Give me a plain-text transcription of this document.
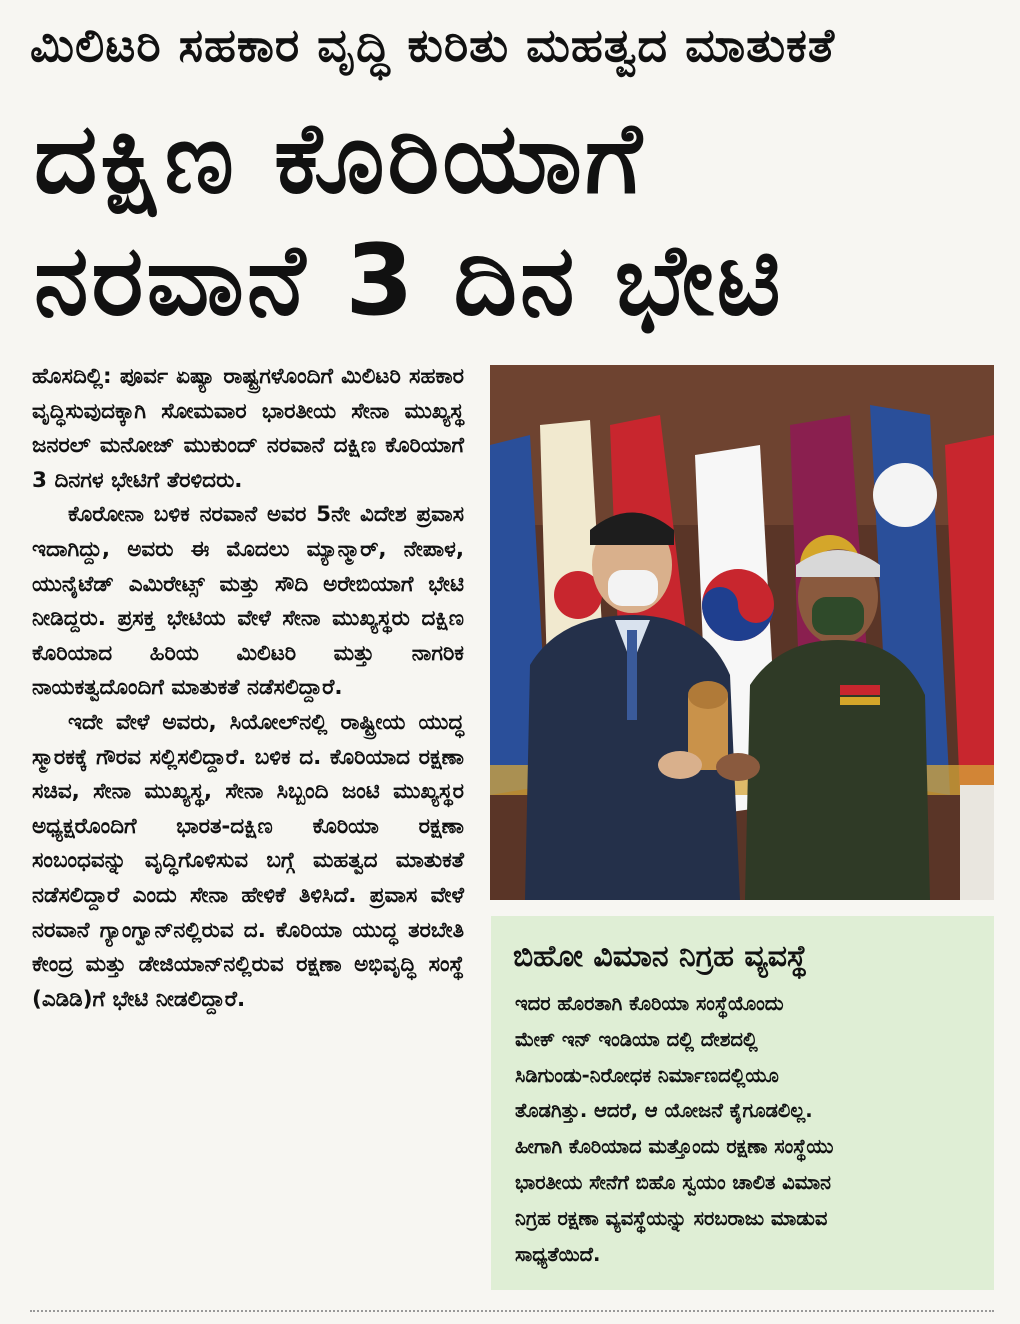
ಮಿಲಿಟರಿ ಸಹಕಾರ ವೃದ್ಧಿ ಕುರಿತು ಮಹತ್ವದ ಮಾತುಕತೆ
ದಕ್ಷಿಣ ಕೊರಿಯಾಗೆ
ನರವಾನೆ 3 ದಿನ ಭೇಟಿ

ಹೊಸದಿಲ್ಲಿ: ಪೂರ್ವ ಏಷ್ಯಾ ರಾಷ್ಟ್ರಗಳೊಂದಿಗೆ ಮಿಲಿಟರಿ ಸಹಕಾರ ವೃದ್ಧಿಸುವುದಕ್ಕಾಗಿ ಸೋಮವಾರ ಭಾರತೀಯ ಸೇನಾ ಮುಖ್ಯಸ್ಥ ಜನರಲ್ ಮನೋಜ್ ಮುಕುಂದ್ ನರವಾನೆ ದಕ್ಷಿಣ ಕೊರಿಯಾಗೆ 3 ದಿನಗಳ ಭೇಟಿಗೆ ತೆರಳಿದರು.

ಕೊರೋನಾ ಬಳಿಕ ನರವಾನೆ ಅವರ 5ನೇ ವಿದೇಶ ಪ್ರವಾಸ ಇದಾಗಿದ್ದು, ಅವರು ಈ ಮೊದಲು ಮ್ಯಾನ್ಮಾರ್, ನೇಪಾಳ, ಯುನೈಟೆಡ್ ಎಮಿರೇಟ್ಸ್ ಮತ್ತು ಸೌದಿ ಅರೇಬಿಯಾಗೆ ಭೇಟಿ ನೀಡಿದ್ದರು. ಪ್ರಸಕ್ತ ಭೇಟಿಯ ವೇಳೆ ಸೇನಾ ಮುಖ್ಯಸ್ಥರು ದಕ್ಷಿಣ ಕೊರಿಯಾದ ಹಿರಿಯ ಮಿಲಿಟರಿ ಮತ್ತು ನಾಗರಿಕ ನಾಯಕತ್ವದೊಂದಿಗೆ ಮಾತುಕತೆ ನಡೆಸಲಿದ್ದಾರೆ.

ಇದೇ ವೇಳೆ ಅವರು, ಸಿಯೋಲ್‌ನಲ್ಲಿ ರಾಷ್ಟ್ರೀಯ ಯುದ್ಧ ಸ್ಮಾರಕಕ್ಕೆ ಗೌರವ ಸಲ್ಲಿಸಲಿದ್ದಾರೆ. ಬಳಿಕ ದ. ಕೊರಿಯಾದ ರಕ್ಷಣಾ ಸಚಿವ, ಸೇನಾ ಮುಖ್ಯಸ್ಥ, ಸೇನಾ ಸಿಬ್ಬಂದಿ ಜಂಟಿ ಮುಖ್ಯಸ್ಥರ ಅಧ್ಯಕ್ಷರೊಂದಿಗೆ ಭಾರತ-ದಕ್ಷಿಣ ಕೊರಿಯಾ ರಕ್ಷಣಾ ಸಂಬಂಧವನ್ನು ವೃದ್ಧಿಗೊಳಿಸುವ ಬಗ್ಗೆ ಮಹತ್ವದ ಮಾತುಕತೆ ನಡೆಸಲಿದ್ದಾರೆ ಎಂದು ಸೇನಾ ಹೇಳಿಕೆ ತಿಳಿಸಿದೆ. ಪ್ರವಾಸ ವೇಳೆ ನರವಾನೆ ಗ್ಯಾಂಗ್ವಾನ್‌ನಲ್ಲಿರುವ ದ. ಕೊರಿಯಾ ಯುದ್ಧ ತರಬೇತಿ ಕೇಂದ್ರ ಮತ್ತು ಡೇಜಿಯಾನ್‌ನಲ್ಲಿರುವ ರಕ್ಷಣಾ ಅಭಿವೃದ್ಧಿ ಸಂಸ್ಥೆ (ಎಡಿಡಿ)ಗೆ ಭೇಟಿ ನೀಡಲಿದ್ದಾರೆ.

ಬಿಹೋ ವಿಮಾನ ನಿಗ್ರಹ ವ್ಯವಸ್ಥೆ
ಇದರ ಹೊರತಾಗಿ ಕೊರಿಯಾ ಸಂಸ್ಥೆಯೊಂದು
ಮೇಕ್ ಇನ್ ಇಂಡಿಯಾ ದಲ್ಲಿ ದೇಶದಲ್ಲಿ
ಸಿಡಿಗುಂಡು-ನಿರೋಧಕ ನಿರ್ಮಾಣದಲ್ಲಿಯೂ
ತೊಡಗಿತ್ತು. ಆದರೆ, ಆ ಯೋಜನೆ ಕೈಗೂಡಲಿಲ್ಲ.
ಹೀಗಾಗಿ ಕೊರಿಯಾದ ಮತ್ತೊಂದು ರಕ್ಷಣಾ ಸಂಸ್ಥೆಯು
ಭಾರತೀಯ ಸೇನೆಗೆ ಬಿಹೊ ಸ್ವಯಂ ಚಾಲಿತ ವಿಮಾನ
ನಿಗ್ರಹ ರಕ್ಷಣಾ ವ್ಯವಸ್ಥೆಯನ್ನು ಸರಬರಾಜು ಮಾಡುವ
ಸಾಧ್ಯತೆಯಿದೆ.
